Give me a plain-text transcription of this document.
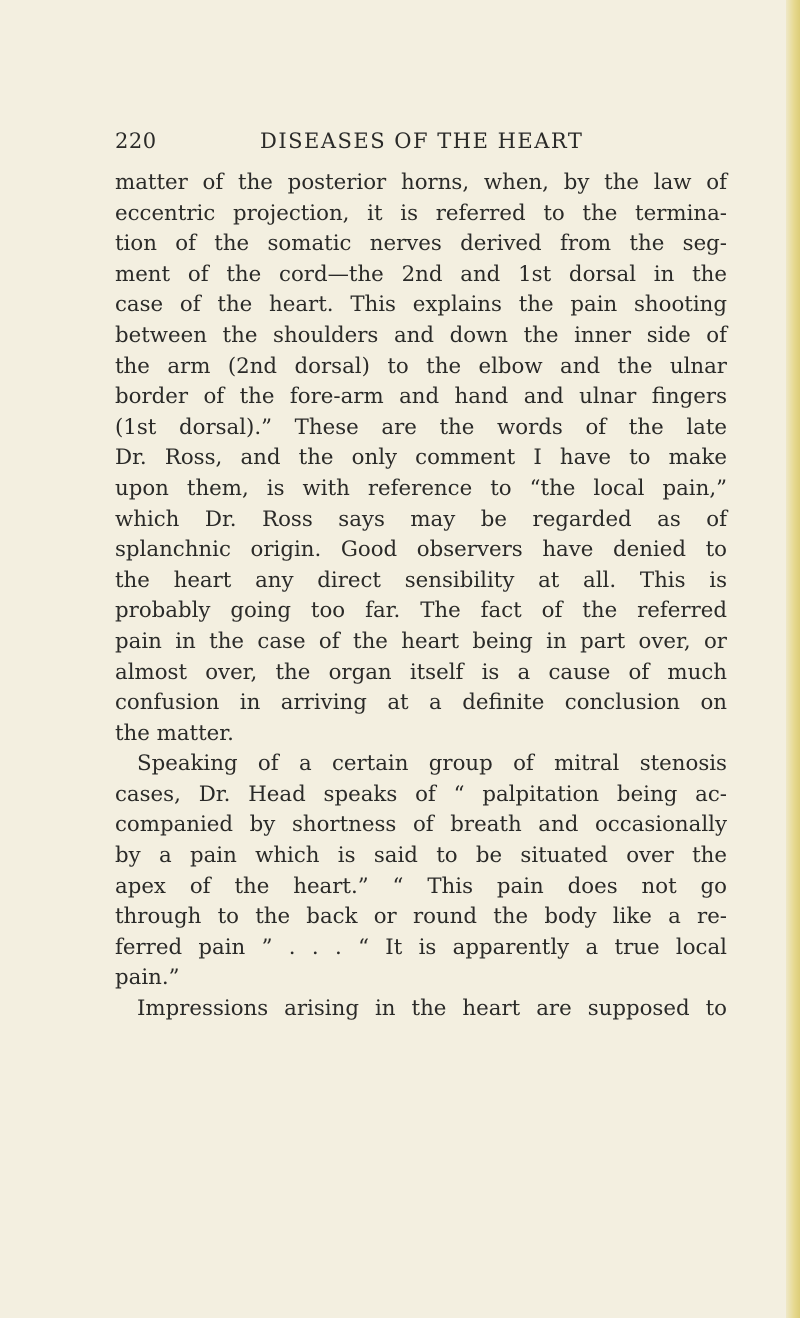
220	DISEASES OF THE HEART
matter of the posterior horns, when, by the law of
eccentric projection, it is referred to the termina-
tion of the somatic nerves derived from the seg-
ment of the cord—the 2nd and 1st dorsal in the
case of the heart. This explains the pain shooting
between the shoulders and down the inner side of
the arm (2nd dorsal) to the elbow and the ulnar
border of the fore-arm and hand and ulnar fingers
(1st dorsal).” These are the words of the late
Dr. Ross, and the only comment I have to make
upon them, is with reference to “the local pain,”
which Dr. Ross says may be regarded as of
splanchnic origin. Good observers have denied to
the heart any direct sensibility at all. This is
probably going too far. The fact of the referred
pain in the case of the heart being in part over, or
almost over, the organ itself is a cause of much
confusion in arriving at a definite conclusion on
the matter.
Speaking of a certain group of mitral stenosis
cases, Dr. Head speaks of “ palpitation being ac-
companied by shortness of breath and occasionally
by a pain which is said to be situated over the
apex of the heart.” “ This pain does not go
through to the back or round the body like a re-
ferred pain ” . . . “ It is apparently a true local
pain.”
Impressions arising in the heart are supposed to
